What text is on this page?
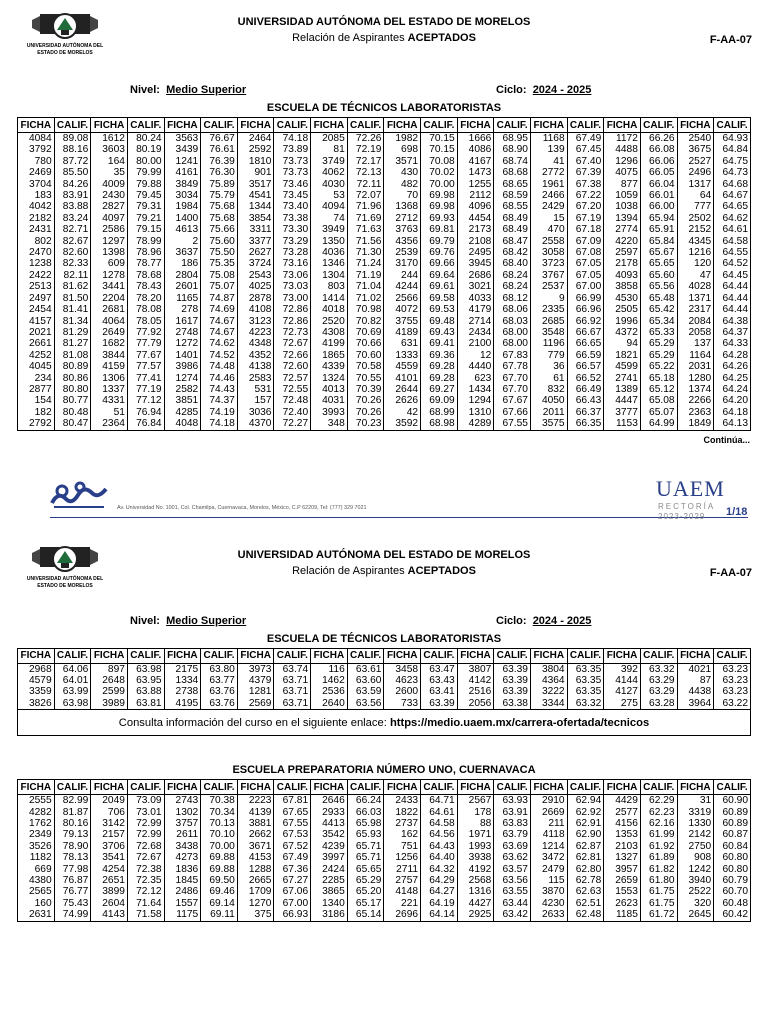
UNIVERSIDAD AUTÓNOMA DEL
ESTADO DE MORELOS
UNIVERSIDAD AUTÓNOMA DEL ESTADO DE MORELOS
Relación de Aspirantes ACEPTADOS	F-AA-07
Nivel: Medio Superior	Ciclo: 2024 - 2025
ESCUELA DE TÉCNICOS LABORATORISTAS
FICHA	CALIF.	FICHA	CALIF.	FICHA	CALIF.	FICHA	CALIF.	FICHA	CALIF.	FICHA	CALIF.	FICHA	CALIF.	FICHA	CALIF.	FICHA	CALIF.	FICHA	CALIF.
4084	89.08	1612	80.24	3563	76.67	2464	74.18	2085	72.26	1982	70.15	1666	68.95	1168	67.49	1172	66.26	2540	64.93
3792	88.16	3603	80.19	3439	76.61	2592	73.89	81	72.19	698	70.15	4086	68.90	139	67.45	4488	66.08	3675	64.84
780	87.72	164	80.00	1241	76.39	1810	73.73	3749	72.17	3571	70.08	4167	68.74	41	67.40	1296	66.06	2527	64.75
2469	85.50	35	79.99	4161	76.30	901	73.73	4062	72.13	430	70.02	1473	68.68	2772	67.39	4075	66.05	2496	64.73
3704	84.26	4009	79.88	3849	75.89	3517	73.46	4030	72.11	482	70.00	1255	68.65	1961	67.38	877	66.04	1317	64.68
183	83.91	2430	79.45	3034	75.79	4541	73.45	53	72.07	70	69.98	2112	68.59	2466	67.22	1059	66.01	64	64.67
4042	83.88	2827	79.31	1984	75.68	1344	73.40	4094	71.96	1368	69.98	4096	68.55	2429	67.20	1038	66.00	777	64.65
2182	83.24	4097	79.21	1400	75.68	3854	73.38	74	71.69	2712	69.93	4454	68.49	15	67.19	1394	65.94	2502	64.62
2431	82.71	2586	79.15	4613	75.66	3311	73.30	3949	71.63	3763	69.81	2173	68.49	470	67.18	2774	65.91	2152	64.61
802	82.67	1297	78.99	2	75.60	3377	73.29	1350	71.56	4356	69.79	2108	68.47	2558	67.09	4220	65.84	4345	64.58
2470	82.60	1398	78.96	3637	75.50	2627	73.28	4036	71.30	2539	69.76	2495	68.42	3058	67.08	2597	65.67	1216	64.55
1238	82.33	609	78.77	186	75.35	3724	73.16	1346	71.24	3170	69.66	3945	68.40	3723	67.05	2178	65.65	120	64.52
2422	82.11	1278	78.68	2804	75.08	2543	73.06	1304	71.19	244	69.64	2686	68.24	3767	67.05	4093	65.60	47	64.45
2513	81.62	3441	78.43	2601	75.07	4025	73.03	803	71.04	4244	69.61	3021	68.24	2537	67.00	3858	65.56	4028	64.44
2497	81.50	2204	78.20	1165	74.87	2878	73.00	1414	71.02	2566	69.58	4033	68.12	9	66.99	4530	65.48	1371	64.44
2454	81.41	2681	78.08	278	74.69	4108	72.86	4018	70.98	4072	69.53	4179	68.06	2335	66.96	2505	65.42	2317	64.44
4157	81.34	4064	78.05	1617	74.67	3123	72.86	2520	70.82	3755	69.48	2714	68.03	2685	66.92	1996	65.34	2084	64.38
2021	81.29	2649	77.92	2748	74.67	4223	72.73	4308	70.69	4189	69.43	2434	68.00	3548	66.67	4372	65.33	2058	64.37
2661	81.27	1682	77.79	1272	74.62	4348	72.67	4199	70.66	631	69.41	2100	68.00	1196	66.65	94	65.29	137	64.33
4252	81.08	3844	77.67	1401	74.52	4352	72.66	1865	70.60	1333	69.36	12	67.83	779	66.59	1821	65.29	1164	64.28
4045	80.89	4159	77.57	3986	74.48	4138	72.60	4339	70.58	4559	69.28	4440	67.78	36	66.57	4599	65.22	2031	64.26
234	80.86	1306	77.41	1274	74.46	2583	72.57	1324	70.55	4101	69.28	623	67.70	61	66.52	2741	65.18	1280	64.25
2877	80.80	1337	77.19	2582	74.43	531	72.55	4013	70.39	2644	69.27	1434	67.70	832	66.49	1389	65.12	1374	64.24
154	80.77	4331	77.12	3851	74.37	157	72.48	4031	70.26	2626	69.09	1294	67.67	4050	66.43	4447	65.08	2266	64.20
182	80.48	51	76.94	4285	74.19	3036	72.40	3993	70.26	42	68.99	1310	67.66	2011	66.37	3777	65.07	2363	64.18
2792	80.47	2364	76.84	4048	74.18	4370	72.27	348	70.23	3592	68.98	4289	67.55	3575	66.35	1153	64.99	1849	64.13
Continúa...
Av. Universidad No. 1001, Col. Chamilpa, Cuernavaca, Morelos, México, C.P 62209, Tel: (777) 329 7021
UAEM
RECTORÍA
2023-2029 1/18
UNIVERSIDAD AUTÓNOMA DEL
ESTADO DE MORELOS
UNIVERSIDAD AUTÓNOMA DEL ESTADO DE MORELOS
Relación de Aspirantes ACEPTADOS	F-AA-07
Nivel: Medio Superior	Ciclo: 2024 - 2025
ESCUELA DE TÉCNICOS LABORATORISTAS
FICHA	CALIF.	FICHA	CALIF.	FICHA	CALIF.	FICHA	CALIF.	FICHA	CALIF.	FICHA	CALIF.	FICHA	CALIF.	FICHA	CALIF.	FICHA	CALIF.	FICHA	CALIF.
2968	64.06	897	63.98	2175	63.80	3973	63.74	116	63.61	3458	63.47	3807	63.39	3804	63.35	392	63.32	4021	63.23
4579	64.01	2648	63.95	1334	63.77	4379	63.71	1462	63.60	4623	63.43	4142	63.39	4364	63.35	4144	63.29	87	63.23
3359	63.99	2599	63.88	2738	63.76	1281	63.71	2536	63.59	2600	63.41	2516	63.39	3222	63.35	4127	63.29	4438	63.23
3826	63.98	3989	63.81	4195	63.76	2569	63.71	2640	63.56	733	63.39	2056	63.38	3344	63.32	275	63.28	3964	63.22
Consulta información del curso en el siguiente enlace: https://medio.uaem.mx/carrera-ofertada/tecnicos
ESCUELA PREPARATORIA NÚMERO UNO, CUERNAVACA
FICHA	CALIF.	FICHA	CALIF.	FICHA	CALIF.	FICHA	CALIF.	FICHA	CALIF.	FICHA	CALIF.	FICHA	CALIF.	FICHA	CALIF.	FICHA	CALIF.	FICHA	CALIF.
2555	82.99	2049	73.09	2743	70.38	2223	67.81	2646	66.24	2433	64.71	2567	63.93	2910	62.94	4429	62.29	31	60.90
4282	81.87	706	73.01	1302	70.34	4139	67.65	2933	66.03	1822	64.61	178	63.91	2669	62.92	2577	62.23	3319	60.89
1762	80.16	3142	72.99	3757	70.13	3881	67.55	4413	65.98	2737	64.58	88	63.83	211	62.91	4156	62.16	1330	60.89
2349	79.13	2157	72.99	2611	70.10	2662	67.53	3542	65.93	162	64.56	1971	63.79	4118	62.90	1353	61.99	2142	60.87
3526	78.90	3706	72.68	3438	70.00	3671	67.52	4239	65.71	751	64.43	1993	63.69	1214	62.87	2103	61.92	2750	60.84
1182	78.13	3541	72.67	4273	69.88	4153	67.49	3997	65.71	1256	64.40	3938	63.62	3472	62.81	1327	61.89	908	60.80
669	77.98	4254	72.38	1836	69.88	1288	67.36	2424	65.65	2711	64.32	4192	63.57	2479	62.80	3957	61.82	1242	60.80
4380	76.87	2651	72.35	1845	69.50	2665	67.27	2285	65.29	2757	64.29	2568	63.56	115	62.78	2659	61.80	3940	60.79
2565	76.77	3899	72.12	2486	69.46	1709	67.06	3865	65.20	4148	64.27	1316	63.55	3870	62.63	1553	61.75	2522	60.70
160	75.43	2604	71.64	1557	69.14	1270	67.00	1340	65.17	221	64.19	4427	63.44	4230	62.51	2623	61.75	320	60.48
2631	74.99	4143	71.58	1175	69.11	375	66.93	3186	65.14	2696	64.14	2925	63.42	2633	62.48	1185	61.72	2645	60.42
